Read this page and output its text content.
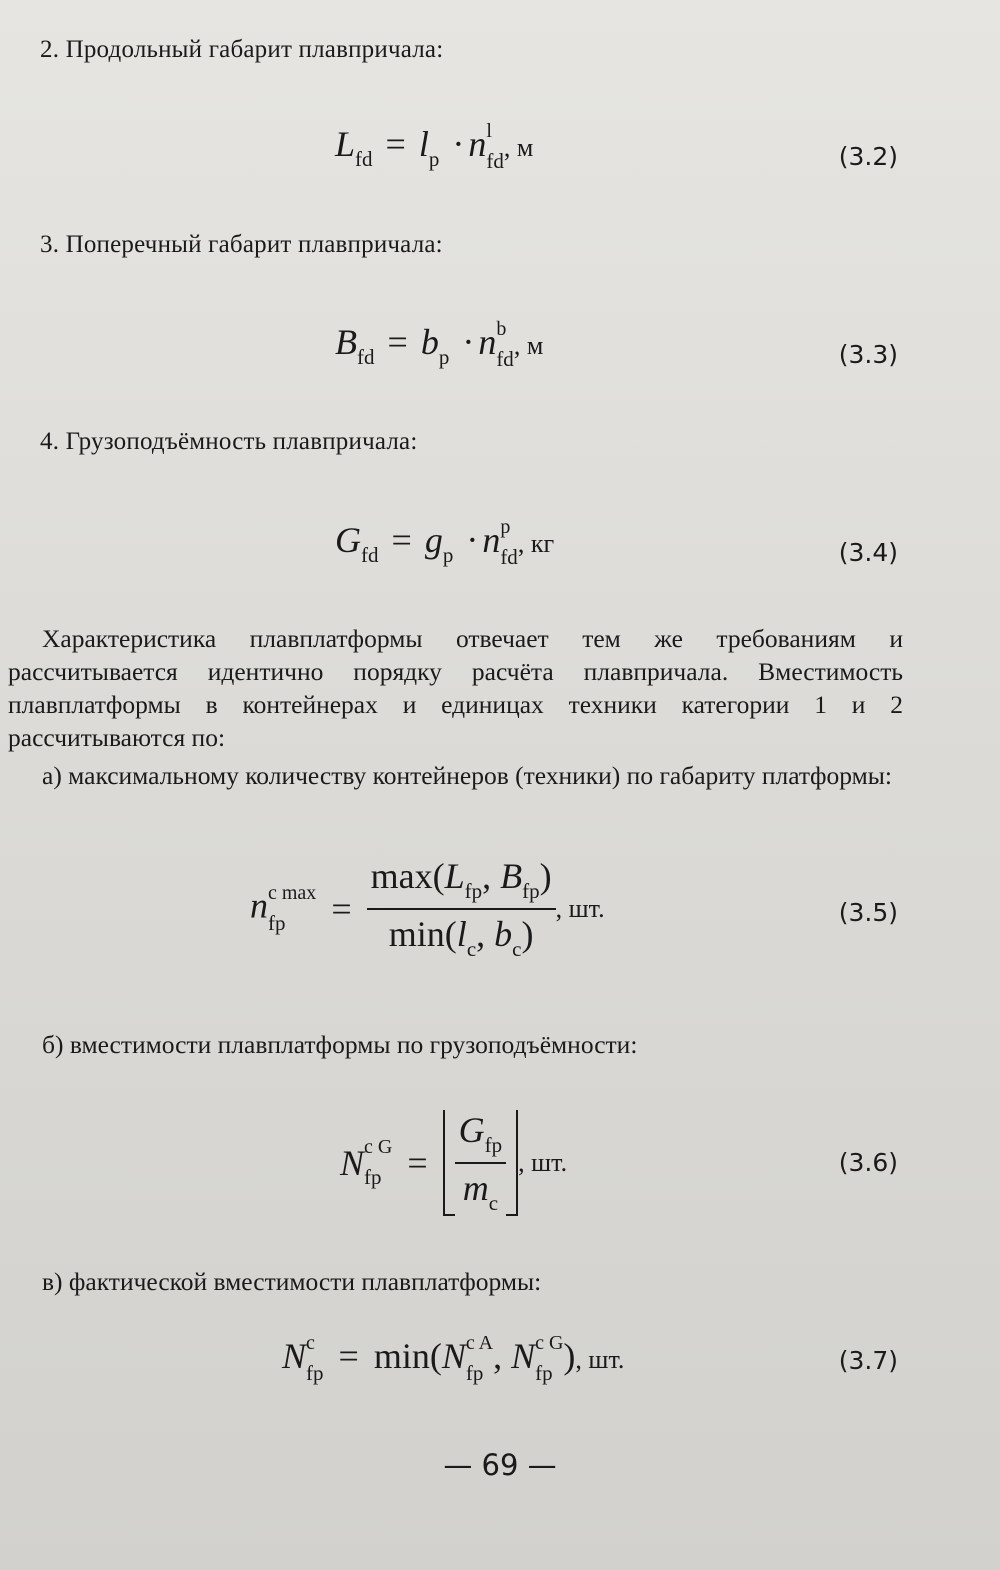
2. Продольный габарит плавпричала:
$L_{fd} = l_p \cdot n$ l
fd , м	(3.2)
3. Поперечный габарит плавпричала:
$B_{fd} = b_p \cdot n$ b
fd , м	(3.3)
4. Грузоподъёмность плавпричала:
$G_{fd} = g_p \cdot n$ p
fd , кг	(3.4)
Характеристика плавплатформы отвечает тем же требованиям и рассчитывается идентично порядку расчёта плавпричала. Вместимость плавплатформы в контейнерах и единицах техники категории 1 и 2 рассчитываются по:
а) максимальному количеству контейнеров (техники) по габариту платформы:
n c max
fp	= $\frac{\max(L_{fp}, B_{fp})}{\min(l_c, b_c)}$ , шт.	(3.5)
б) вместимости плавплатформы по грузоподъёмности:
N c G
fp = $\frac{G_{fp}}{m_c}$ , шт.	(3.6)
в) фактической вместимости плавплатформы:
N c
fp = min(N c A
fp , N c G
fp ), шт.	(3.7)
— 69 —
